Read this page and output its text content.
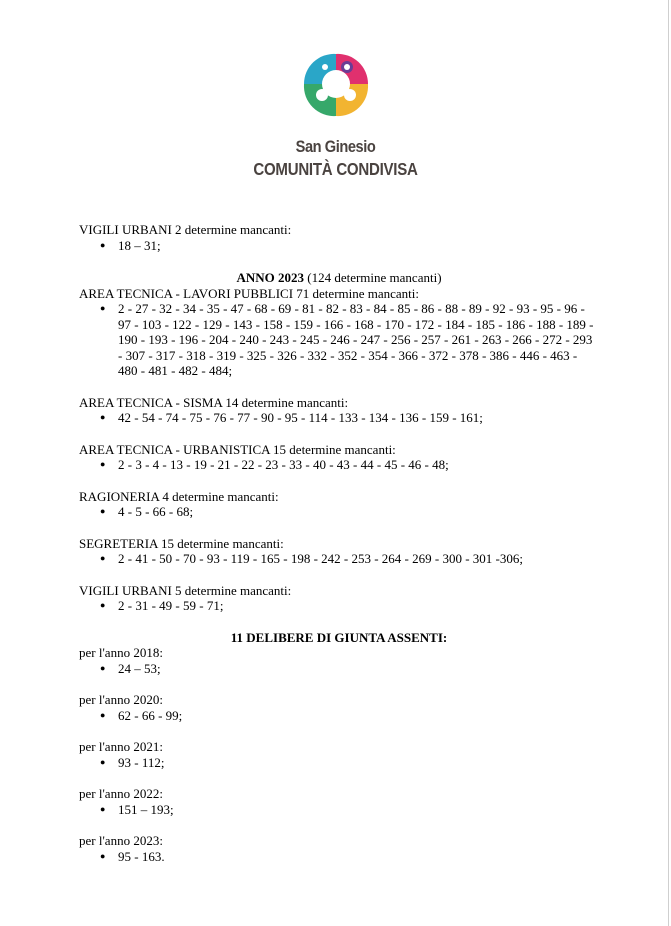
San Ginesio
COMUNITÀ CONDIVISA

VIGILI URBANI 2 determine mancanti:

● 18 – 31;

ANNO 2023 (124 determine mancanti)

AREA TECNICA - LAVORI PUBBLICI 71 determine mancanti:

● 2 - 27 - 32 - 34 - 35 - 47 - 68 - 69 - 81 - 82 - 83 - 84 - 85 - 86 - 88 - 89 - 92 - 93 - 95 - 96 - 97 - 103 - 122 - 129 - 143 - 158 - 159 - 166 - 168 - 170 - 172 - 184 - 185 - 186 - 188 - 189 - 190 - 193 - 196 - 204 - 240 - 243 - 245 - 246 - 247 - 256 - 257 - 261 - 263 - 266 - 272 - 293 - 307 - 317 - 318 - 319 - 325 - 326 - 332 - 352 - 354 - 366 - 372 - 378 - 386 - 446 - 463 - 480 - 481 - 482 - 484;

AREA TECNICA - SISMA 14 determine mancanti:

● 42 - 54 - 74 - 75 - 76 - 77 - 90 - 95 - 114 - 133 - 134 - 136 - 159 - 161;

AREA TECNICA - URBANISTICA 15 determine mancanti:

● 2 - 3 - 4 - 13 - 19 - 21 - 22 - 23 - 33 - 40 - 43 - 44 - 45 - 46 - 48;

RAGIONERIA 4 determine mancanti:

● 4 - 5 - 66 - 68;

SEGRETERIA 15 determine mancanti:

● 2 - 41 - 50 - 70 - 93 - 119 - 165 - 198 - 242 - 253 - 264 - 269 - 300 - 301 -306;

VIGILI URBANI 5 determine mancanti:

● 2 - 31 - 49 - 59 - 71;

11 DELIBERE DI GIUNTA ASSENTI:

per l'anno 2018:

● 24 – 53;

per l'anno 2020:

● 62 - 66 - 99;

per l'anno 2021:

● 93 - 112;

per l'anno 2022:

● 151 – 193;

per l'anno 2023:

● 95 - 163.
